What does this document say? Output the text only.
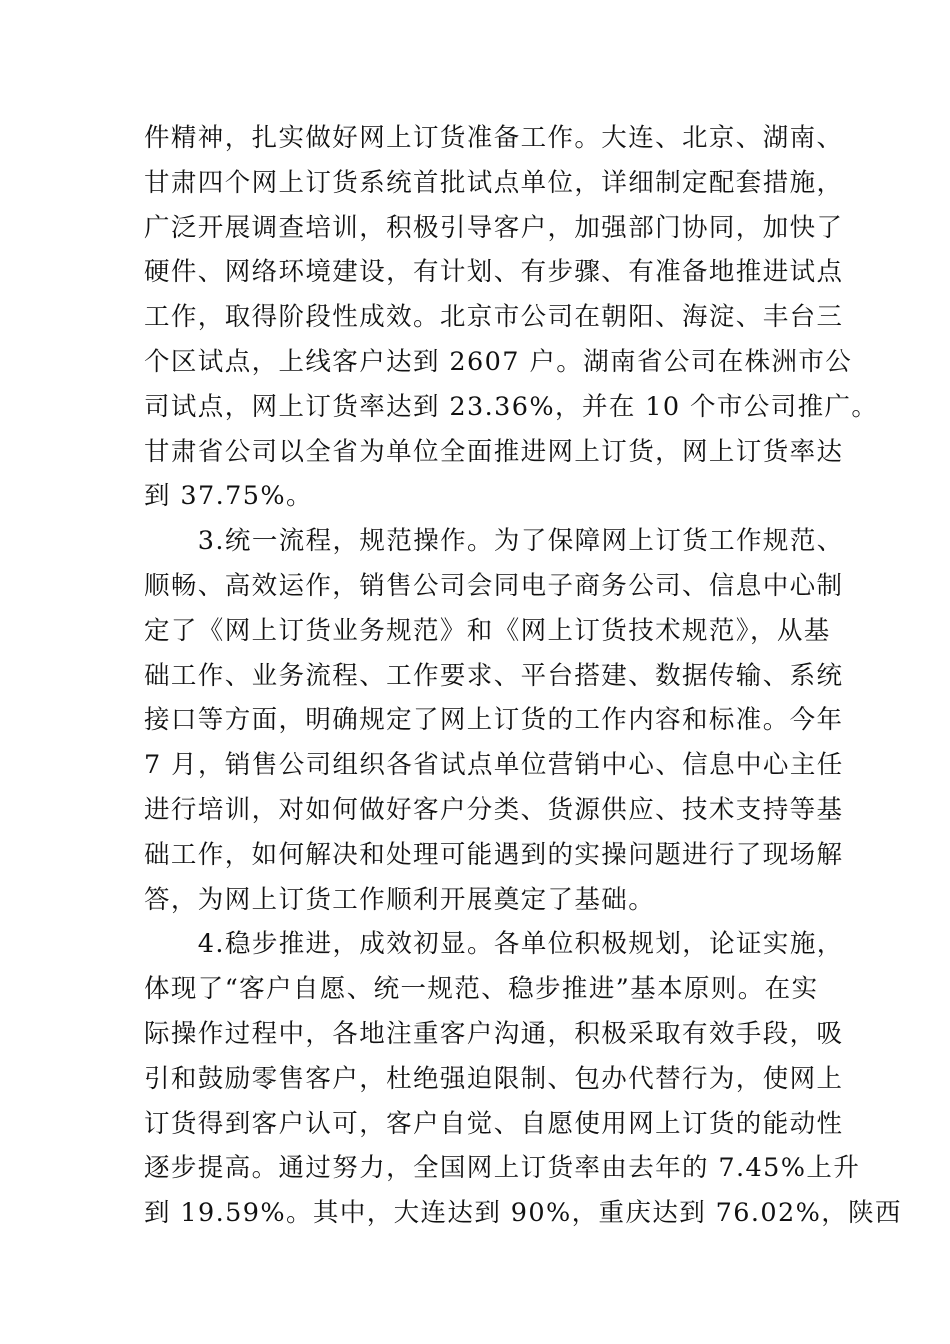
件精神，扎实做好网上订货准备工作。大连、北京、湖南、
甘肃四个网上订货系统首批试点单位，详细制定配套措施，
广泛开展调查培训，积极引导客户，加强部门协同，加快了
硬件、网络环境建设，有计划、有步骤、有准备地推进试点
工作，取得阶段性成效。北京市公司在朝阳、海淀、丰台三
个区试点，上线客户达到 2607 户。湖南省公司在株洲市公
司试点，网上订货率达到 23.36%，并在 10 个市公司推广。
甘肃省公司以全省为单位全面推进网上订货，网上订货率达
到 37.75%。
　　3.统一流程，规范操作。为了保障网上订货工作规范、
顺畅、高效运作，销售公司会同电子商务公司、信息中心制
定了《网上订货业务规范》和《网上订货技术规范》，从基
础工作、业务流程、工作要求、平台搭建、数据传输、系统
接口等方面，明确规定了网上订货的工作内容和标准。今年
7 月，销售公司组织各省试点单位营销中心、信息中心主任
进行培训，对如何做好客户分类、货源供应、技术支持等基
础工作，如何解决和处理可能遇到的实操问题进行了现场解
答，为网上订货工作顺利开展奠定了基础。
　　4.稳步推进，成效初显。各单位积极规划，论证实施，
体现了“客户自愿、统一规范、稳步推进”基本原则。在实
际操作过程中，各地注重客户沟通，积极采取有效手段，吸
引和鼓励零售客户，杜绝强迫限制、包办代替行为，使网上
订货得到客户认可，客户自觉、自愿使用网上订货的能动性
逐步提高。通过努力，全国网上订货率由去年的 7.45%上升
到 19.59%。其中，大连达到 90%，重庆达到 76.02%，陕西
